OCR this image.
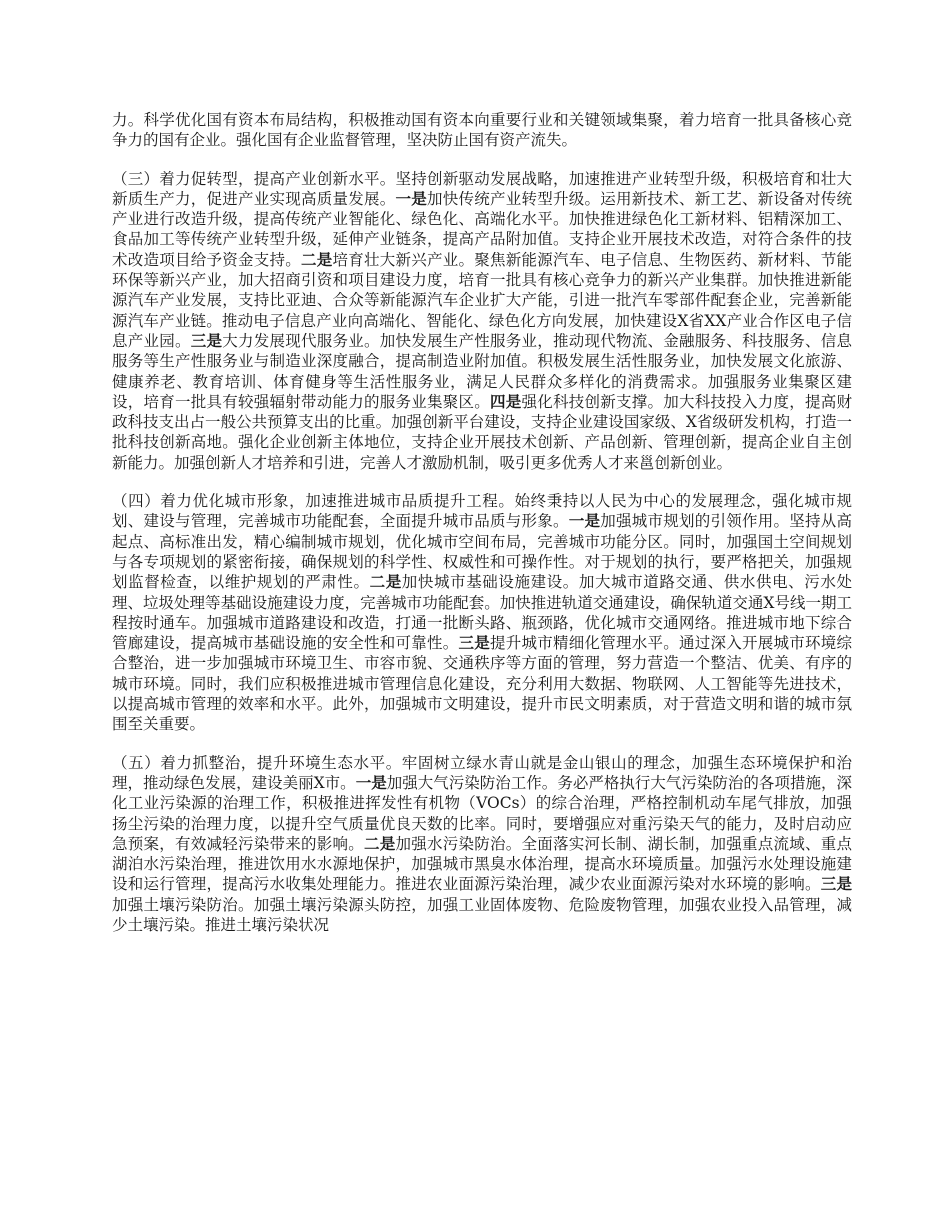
力。科学优化国有资本布局结构，积极推动国有资本向重要行业和关键领域集聚，着力培育一批具备核心竞争力的国有企业。强化国有企业监督管理，坚决防止国有资产流失。

（三）着力促转型，提高产业创新水平。坚持创新驱动发展战略，加速推进产业转型升级，积极培育和壮大新质生产力，促进产业实现高质量发展。一是加快传统产业转型升级。运用新技术、新工艺、新设备对传统产业进行改造升级，提高传统产业智能化、绿色化、高端化水平。加快推进绿色化工新材料、铝精深加工、食品加工等传统产业转型升级，延伸产业链条，提高产品附加值。支持企业开展技术改造，对符合条件的技术改造项目给予资金支持。二是培育壮大新兴产业。聚焦新能源汽车、电子信息、生物医药、新材料、节能环保等新兴产业，加大招商引资和项目建设力度，培育一批具有核心竞争力的新兴产业集群。加快推进新能源汽车产业发展，支持比亚迪、合众等新能源汽车企业扩大产能，引进一批汽车零部件配套企业，完善新能源汽车产业链。推动电子信息产业向高端化、智能化、绿色化方向发展，加快建设X省XX产业合作区电子信息产业园。三是大力发展现代服务业。加快发展生产性服务业，推动现代物流、金融服务、科技服务、信息服务等生产性服务业与制造业深度融合，提高制造业附加值。积极发展生活性服务业，加快发展文化旅游、健康养老、教育培训、体育健身等生活性服务业，满足人民群众多样化的消费需求。加强服务业集聚区建设，培育一批具有较强辐射带动能力的服务业集聚区。四是强化科技创新支撑。加大科技投入力度，提高财政科技支出占一般公共预算支出的比重。加强创新平台建设，支持企业建设国家级、X省级研发机构，打造一批科技创新高地。强化企业创新主体地位，支持企业开展技术创新、产品创新、管理创新，提高企业自主创新能力。加强创新人才培养和引进，完善人才激励机制，吸引更多优秀人才来邕创新创业。

（四）着力优化城市形象，加速推进城市品质提升工程。始终秉持以人民为中心的发展理念，强化城市规划、建设与管理，完善城市功能配套，全面提升城市品质与形象。一是加强城市规划的引领作用。坚持从高起点、高标准出发，精心编制城市规划，优化城市空间布局，完善城市功能分区。同时，加强国土空间规划与各专项规划的紧密衔接，确保规划的科学性、权威性和可操作性。对于规划的执行，要严格把关，加强规划监督检查，以维护规划的严肃性。二是加快城市基础设施建设。加大城市道路交通、供水供电、污水处理、垃圾处理等基础设施建设力度，完善城市功能配套。加快推进轨道交通建设，确保轨道交通X号线一期工程按时通车。加强城市道路建设和改造，打通一批断头路、瓶颈路，优化城市交通网络。推进城市地下综合管廊建设，提高城市基础设施的安全性和可靠性。三是提升城市精细化管理水平。通过深入开展城市环境综合整治，进一步加强城市环境卫生、市容市貌、交通秩序等方面的管理，努力营造一个整洁、优美、有序的城市环境。同时，我们应积极推进城市管理信息化建设，充分利用大数据、物联网、人工智能等先进技术，以提高城市管理的效率和水平。此外，加强城市文明建设，提升市民文明素质，对于营造文明和谐的城市氛围至关重要。

（五）着力抓整治，提升环境生态水平。牢固树立绿水青山就是金山银山的理念，加强生态环境保护和治理，推动绿色发展，建设美丽X市。一是加强大气污染防治工作。务必严格执行大气污染防治的各项措施，深化工业污染源的治理工作，积极推进挥发性有机物（VOCs）的综合治理，严格控制机动车尾气排放，加强扬尘污染的治理力度，以提升空气质量优良天数的比率。同时，要增强应对重污染天气的能力，及时启动应急预案，有效减轻污染带来的影响。二是加强水污染防治。全面落实河长制、湖长制，加强重点流域、重点湖泊水污染治理，推进饮用水水源地保护，加强城市黑臭水体治理，提高水环境质量。加强污水处理设施建设和运行管理，提高污水收集处理能力。推进农业面源污染治理，减少农业面源污染对水环境的影响。三是加强土壤污染防治。加强土壤污染源头防控，加强工业固体废物、危险废物管理，加强农业投入品管理，减少土壤污染。推进土壤污染状况
